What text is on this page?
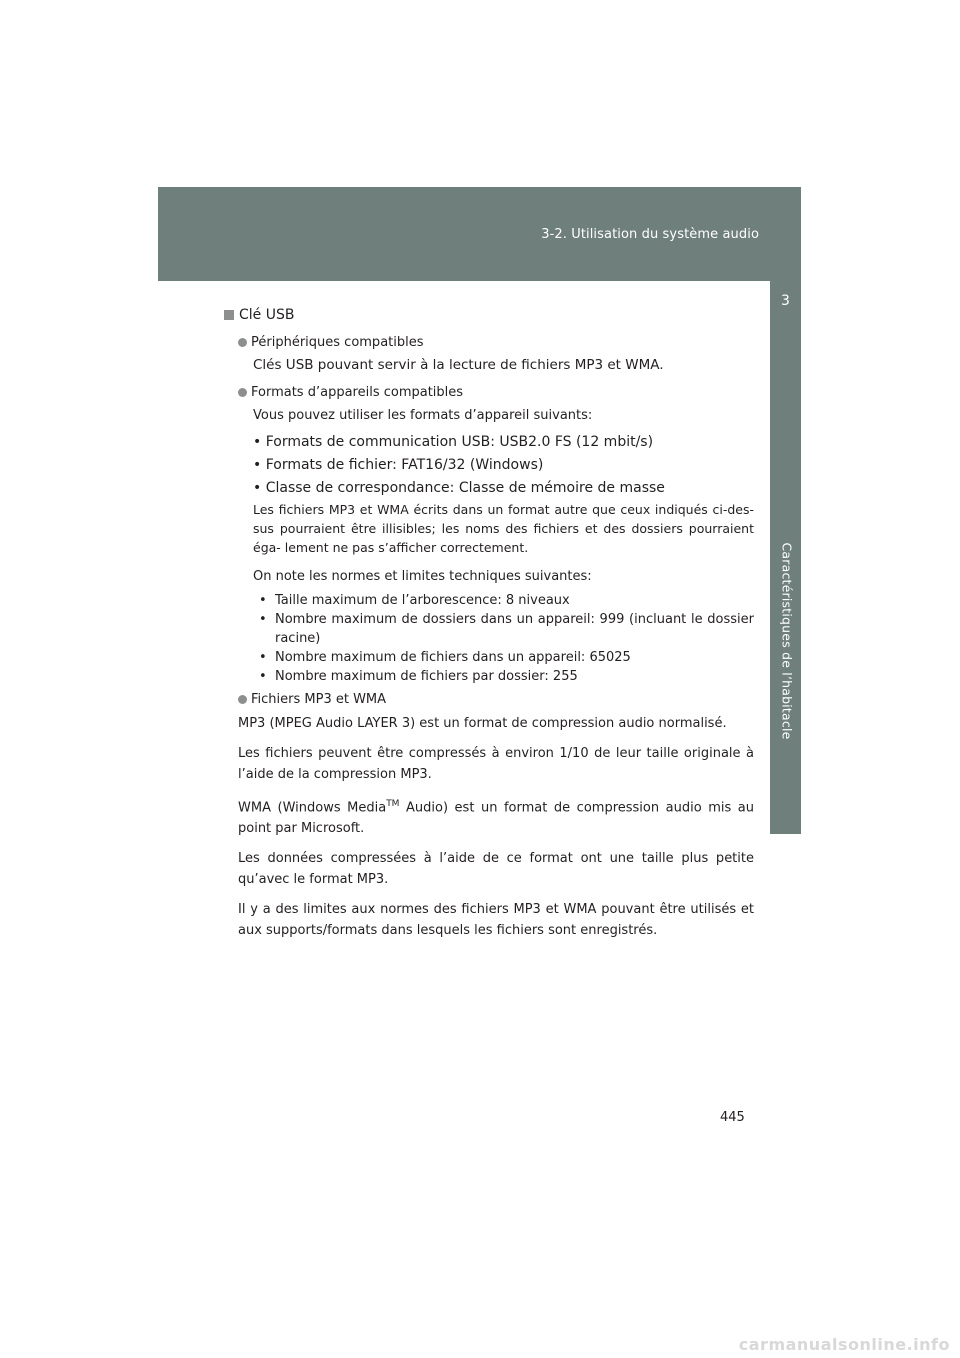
3-2. Utilisation du système audio
3
Caractéristiques de l’habitacle
Clé USB
Périphériques compatibles
Clés USB pouvant servir à la lecture de fichiers MP3 et WMA.
Formats d’appareils compatibles
Vous pouvez utiliser les formats d’appareil suivants:
• Formats de communication USB: USB2.0 FS (12 mbit/s)
• Formats de fichier: FAT16/32 (Windows)
• Classe de correspondance: Classe de mémoire de masse
Les fichiers MP3 et WMA écrits dans un format autre que ceux indiqués ci-des- sus pourraient être illisibles; les noms des fichiers et des dossiers pourraient éga- lement ne pas s’afficher correctement.
On note les normes et limites techniques suivantes:
• Taille maximum de l’arborescence: 8 niveaux
• Nombre maximum de dossiers dans un appareil: 999 (incluant le dossier racine)
• Nombre maximum de fichiers dans un appareil: 65025
• Nombre maximum de fichiers par dossier: 255
Fichiers MP3 et WMA

MP3 (MPEG Audio LAYER 3) est un format de compression audio normalisé.

Les fichiers peuvent être compressés à environ 1/10 de leur taille originale à l’aide de la compression MP3.

WMA (Windows Media™ Audio) est un format de compression audio mis au point par Microsoft.

Les données compressées à l’aide de ce format ont une taille plus petite qu’avec le format MP3.

Il y a des limites aux normes des fichiers MP3 et WMA pouvant être utilisés et aux supports/formats dans lesquels les fichiers sont enregistrés.

445
carmanualsonline.info
